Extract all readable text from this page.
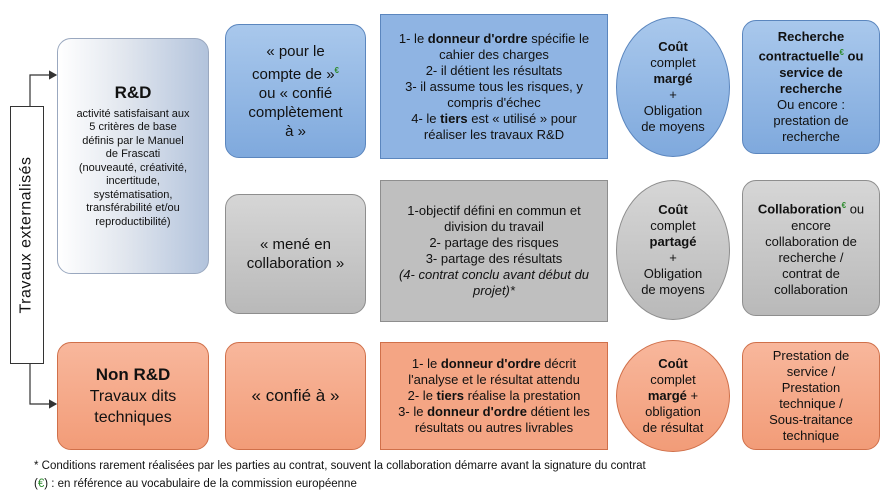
Travaux externalisés
R&D
activité satisfaisant aux
5 critères de base
définis par le Manuel
de Frascati
(nouveauté, créativité,
incertitude,
systématisation,
transférabilité et/ou
reproductibilité)
Non R&D
Travaux dits
techniques
« pour le
compte de »€
ou « confié
complètement
à »
« mené en
collaboration »
« confié à »
1- le donneur d'ordre spécifie le
cahier des charges
2- il détient les résultats
3- il assume tous les risques, y
compris d'échec
4- le tiers est « utilisé » pour
réaliser les travaux R&D
1-objectif défini en commun et
division du travail
2- partage des risques
3- partage des résultats
(4- contrat conclu avant début du
projet)*
1- le donneur d'ordre décrit
l'analyse et le résultat attendu
2- le tiers réalise la prestation
3- le donneur d'ordre détient les
résultats ou autres livrables
Coût
complet
margé
+
Obligation
de moyens
Coût
complet
partagé
+
Obligation
de moyens
Coût
complet
margé +
obligation
de résultat
Recherche
contractuelle€ ou
service de
recherche
Ou encore :
prestation de
recherche
Collaboration€ ou
encore
collaboration de
recherche /
contrat de
collaboration
Prestation de
service /
Prestation
technique /
Sous-traitance
technique
* Conditions rarement réalisées par les parties au contrat, souvent la collaboration démarre avant la signature du contrat
(€) : en référence au vocabulaire de la commission européenne
